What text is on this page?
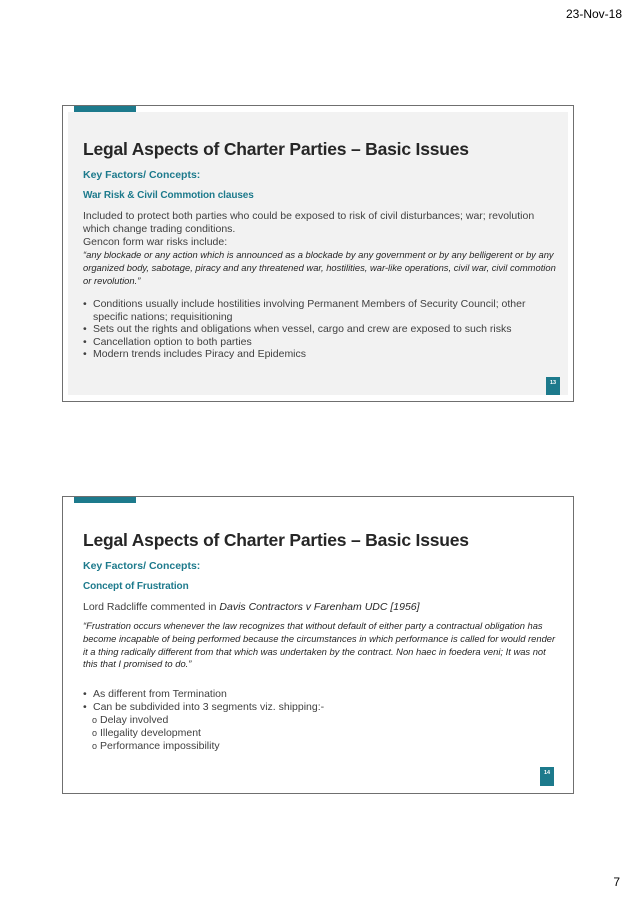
23-Nov-18
Legal Aspects of Charter Parties – Basic Issues
Key Factors/ Concepts:
War Risk & Civil Commotion clauses
Included to protect both parties who could be exposed to risk of civil disturbances; war; revolution which change trading conditions.
Gencon form war risks include:
“any blockade or any action which is announced as a blockade by any government or by any belligerent or by any organized body, sabotage, piracy and any threatened war, hostilities, war-like operations, civil war, civil commotion or revolution.”
• Conditions usually include hostilities involving Permanent Members of Security Council; other specific nations; requisitioning
• Sets out the rights and obligations when vessel, cargo and crew are exposed to such risks
• Cancellation option to both parties
• Modern trends includes Piracy and Epidemics
13
Legal Aspects of Charter Parties – Basic Issues
Key Factors/ Concepts:
Concept of Frustration
Lord Radcliffe commented in Davis Contractors v Farenham UDC [1956]
“Frustration occurs whenever the law recognizes that without default of either party a contractual obligation has become incapable of being performed because the circumstances in which performance is called for would render it a thing radically different from that which was undertaken by the contract. Non haec in foedera veni; It was not this that I promised to do.”
• As different from Termination
• Can be subdivided into 3 segments viz. shipping:-
o Delay involved
o Illegality development
o Performance impossibility
14
7
